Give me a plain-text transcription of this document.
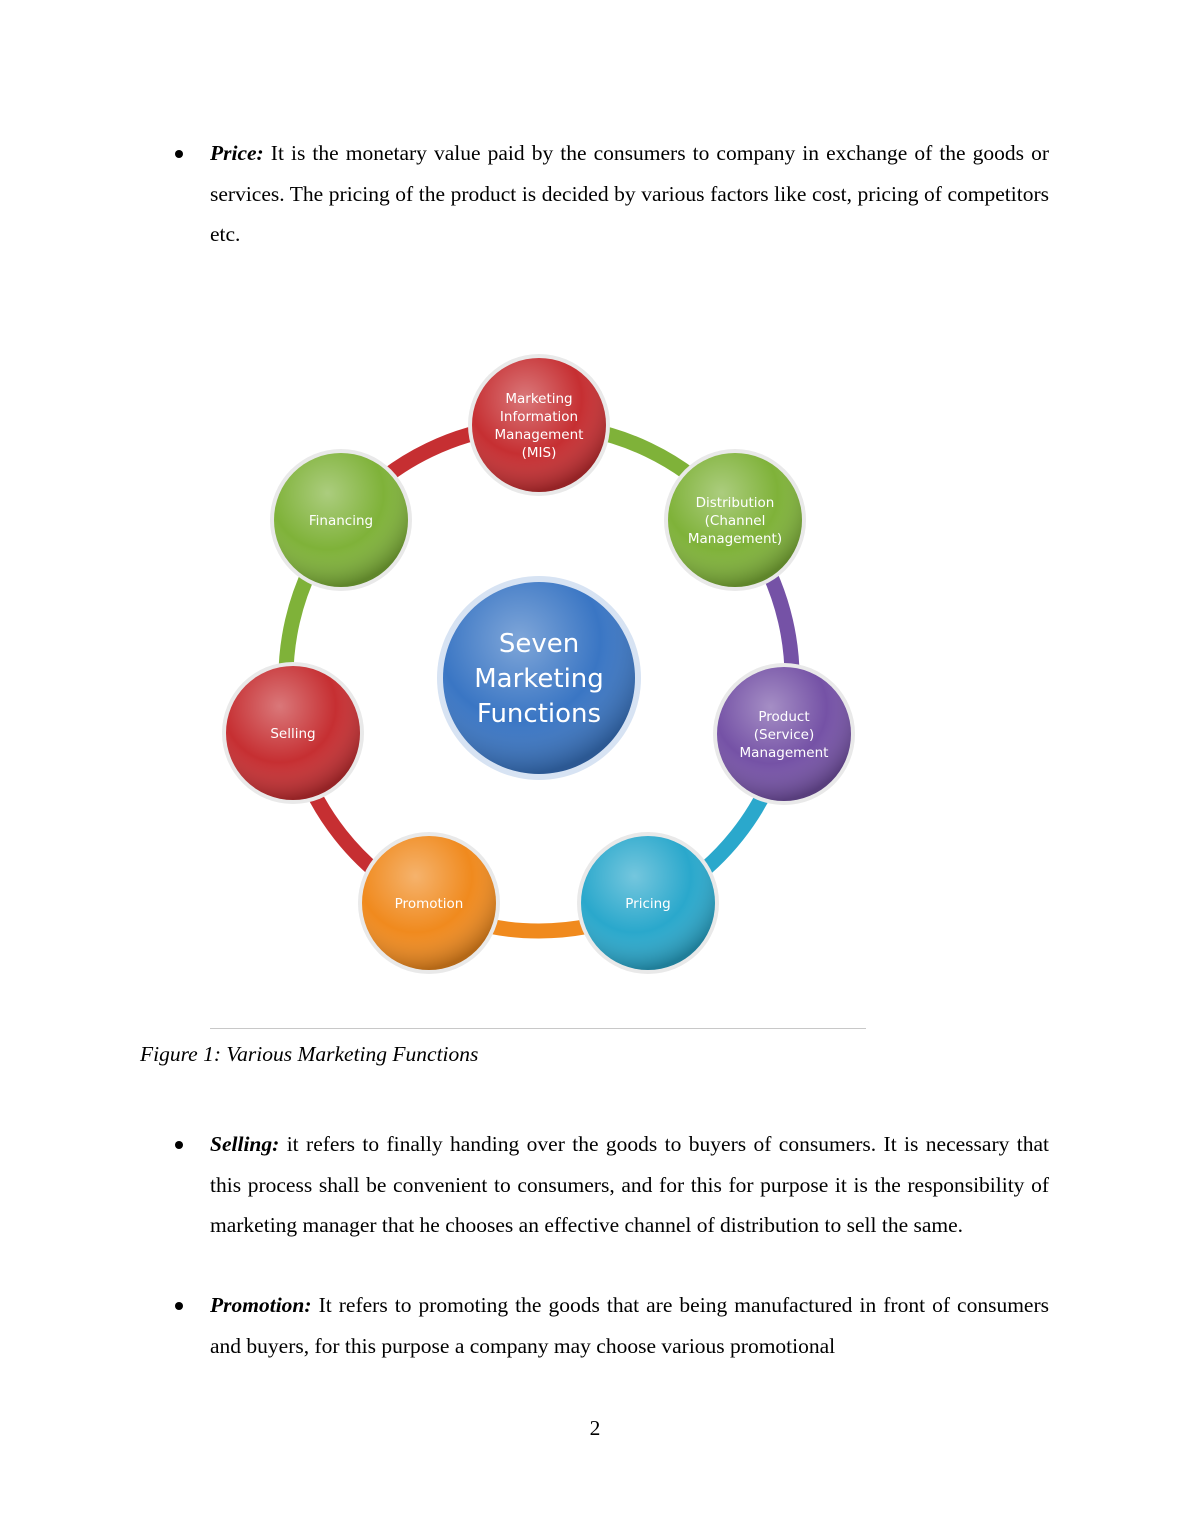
Price: It is the monetary value paid by the consumers to company in exchange of the goods or services. The pricing of the product is decided by various factors like cost, pricing of competitors etc.
Marketing
Information
Management
(MIS)
Distribution
(Channel
Management)
Product
(Service)
Management
Pricing
Promotion
Selling
Financing
Seven
Marketing
Functions
Figure 1: Various Marketing Functions
Selling: it refers to finally handing over the goods to buyers of consumers. It is necessary that this process shall be convenient to consumers, and for this for purpose it is the responsibility of marketing manager that he chooses an effective channel of distribution to sell the same.
Promotion: It refers to promoting the goods that are being manufactured in front of consumers and buyers, for this purpose a company may choose various promotional
2
